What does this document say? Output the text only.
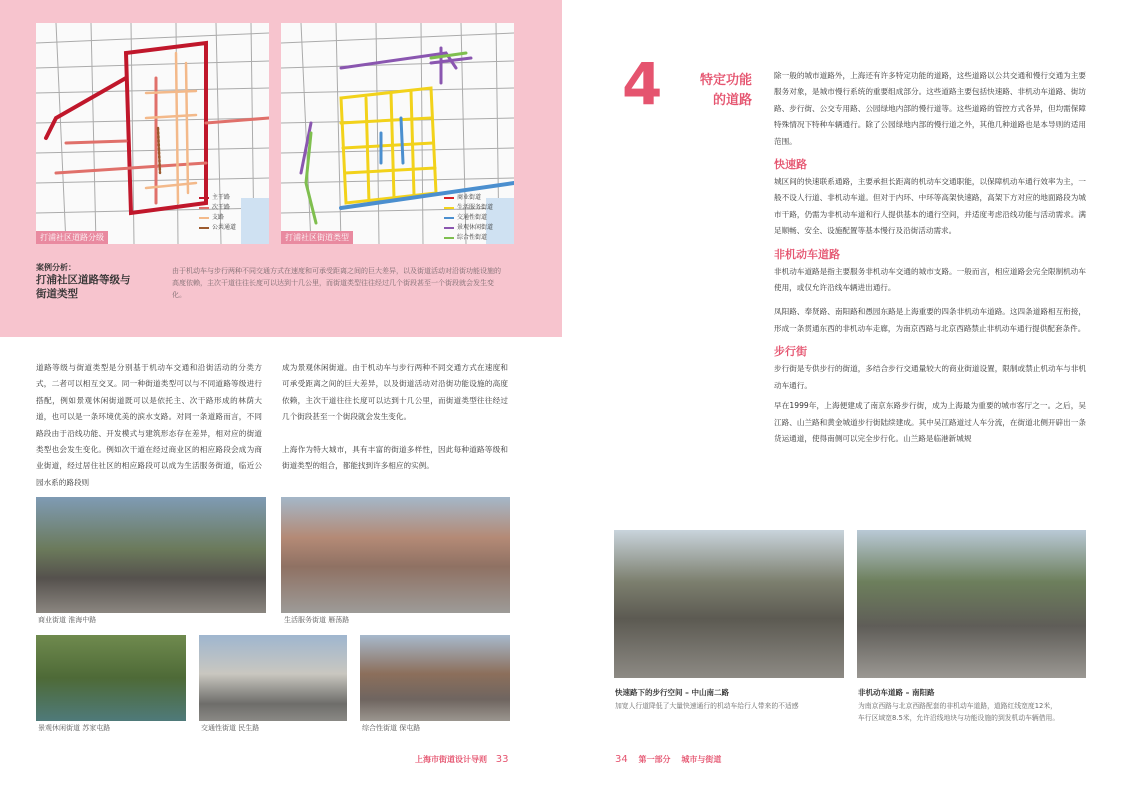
主干路
次干路
支路
公共通道
打浦社区道路分级
商业街道
生活服务街道
交通性街道
景观休闲街道
综合性街道
打浦社区街道类型
案例分析：
打浦社区道路等级与
街道类型
由于机动车与步行两种不同交通方式在速度和可承受距离之间的巨大差异，以及街道活动对沿街功能设施的高度依赖，主次干道往往长度可以达到十几公里，而街道类型往往经过几个街段甚至一个街段就会发生变化。
道路等级与街道类型是分别基于机动车交通和沿街活动的分类方式，二者可以相互交叉。同一种街道类型可以与不同道路等级进行搭配，例如景观休闲街道既可以是依托主、次干路形成的林荫大道，也可以是一条环境优美的滨水支路。对同一条道路而言，不同路段由于沿线功能、开发模式与建筑形态存在差异，相对应的街道类型也会发生变化。例如次干道在经过商业区的相应路段会成为商业街道，经过居住社区的相应路段可以成为生活服务街道，临近公园水系的路段则
成为景观休闲街道。由于机动车与步行两种不同交通方式在速度和可承受距离之间的巨大差异，以及街道活动对沿街功能设施的高度依赖，主次干道往往长度可以达到十几公里，而街道类型往往经过几个街段甚至一个街段就会发生变化。
上海作为特大城市，具有丰富的街道多样性，因此每种道路等级和街道类型的组合，都能找到许多相应的实例。
商业街道 淮海中路	生活服务街道 雁荡路
景观休闲街道 苏家屯路	交通性街道 民生路	综合性街道 保屯路
上海市街道设计导则 33
4	特定功能
的道路
除一般的城市道路外，上海还有许多特定功能的道路，这些道路以公共交通和慢行交通为主要服务对象，是城市慢行系统的重要组成部分。这些道路主要包括快速路、非机动车道路、街坊路、步行街、公交专用路、公园绿地内部的慢行道等。这些道路的管控方式各异，但均需保障特殊情况下特种车辆通行。除了公园绿地内部的慢行道之外，其他几种道路也是本导则的适用范围。
快速路
城区间的快速联系通路，主要承担长距离的机动车交通职能，以保障机动车通行效率为主，一般不设人行道、非机动车道。但对于内环、中环等高架快速路，高架下方对应的地面路段为城市干路，仍需为非机动车道和行人提供基本的通行空间，并适度考虑沿线功能与活动需求。满足顺畅、安全、设施配置等基本慢行及沿街活动需求。
非机动车道路
非机动车道路是指主要服务非机动车交通的城市支路。一般而言，相应道路会完全限制机动车使用，或仅允许沿线车辆进出通行。
凤阳路、奉贤路、南阳路和愚园东路是上海重要的四条非机动车道路。这四条道路相互衔接，形成一条贯通东西的非机动车走廊，为南京西路与北京西路禁止非机动车通行提供配套条件。
步行街
步行街是专供步行的街道，多结合步行交通量较大的商业街道设置，限制或禁止机动车与非机动车通行。
早在1999年，上海便建成了南京东路步行街，成为上海最为重要的城市客厅之一。之后，吴江路、山兰路和黄金城道步行街陆续建成。其中吴江路道过人车分流，在街道北侧开辟出一条货运通道，使得南侧可以完全步行化。山兰路是临港新城规
快速路下的步行空间 – 中山南二路
加宽人行道降低了大量快速通行的机动车给行人带来的不适感
非机动车道路 – 南阳路
为南京西路与北京西路配套的非机动车道路，道路红线宽度12米，
车行区域宽8.5米，允许沿线地块与功能设施的到发机动车辆借用。
34 第一部分 城市与街道
